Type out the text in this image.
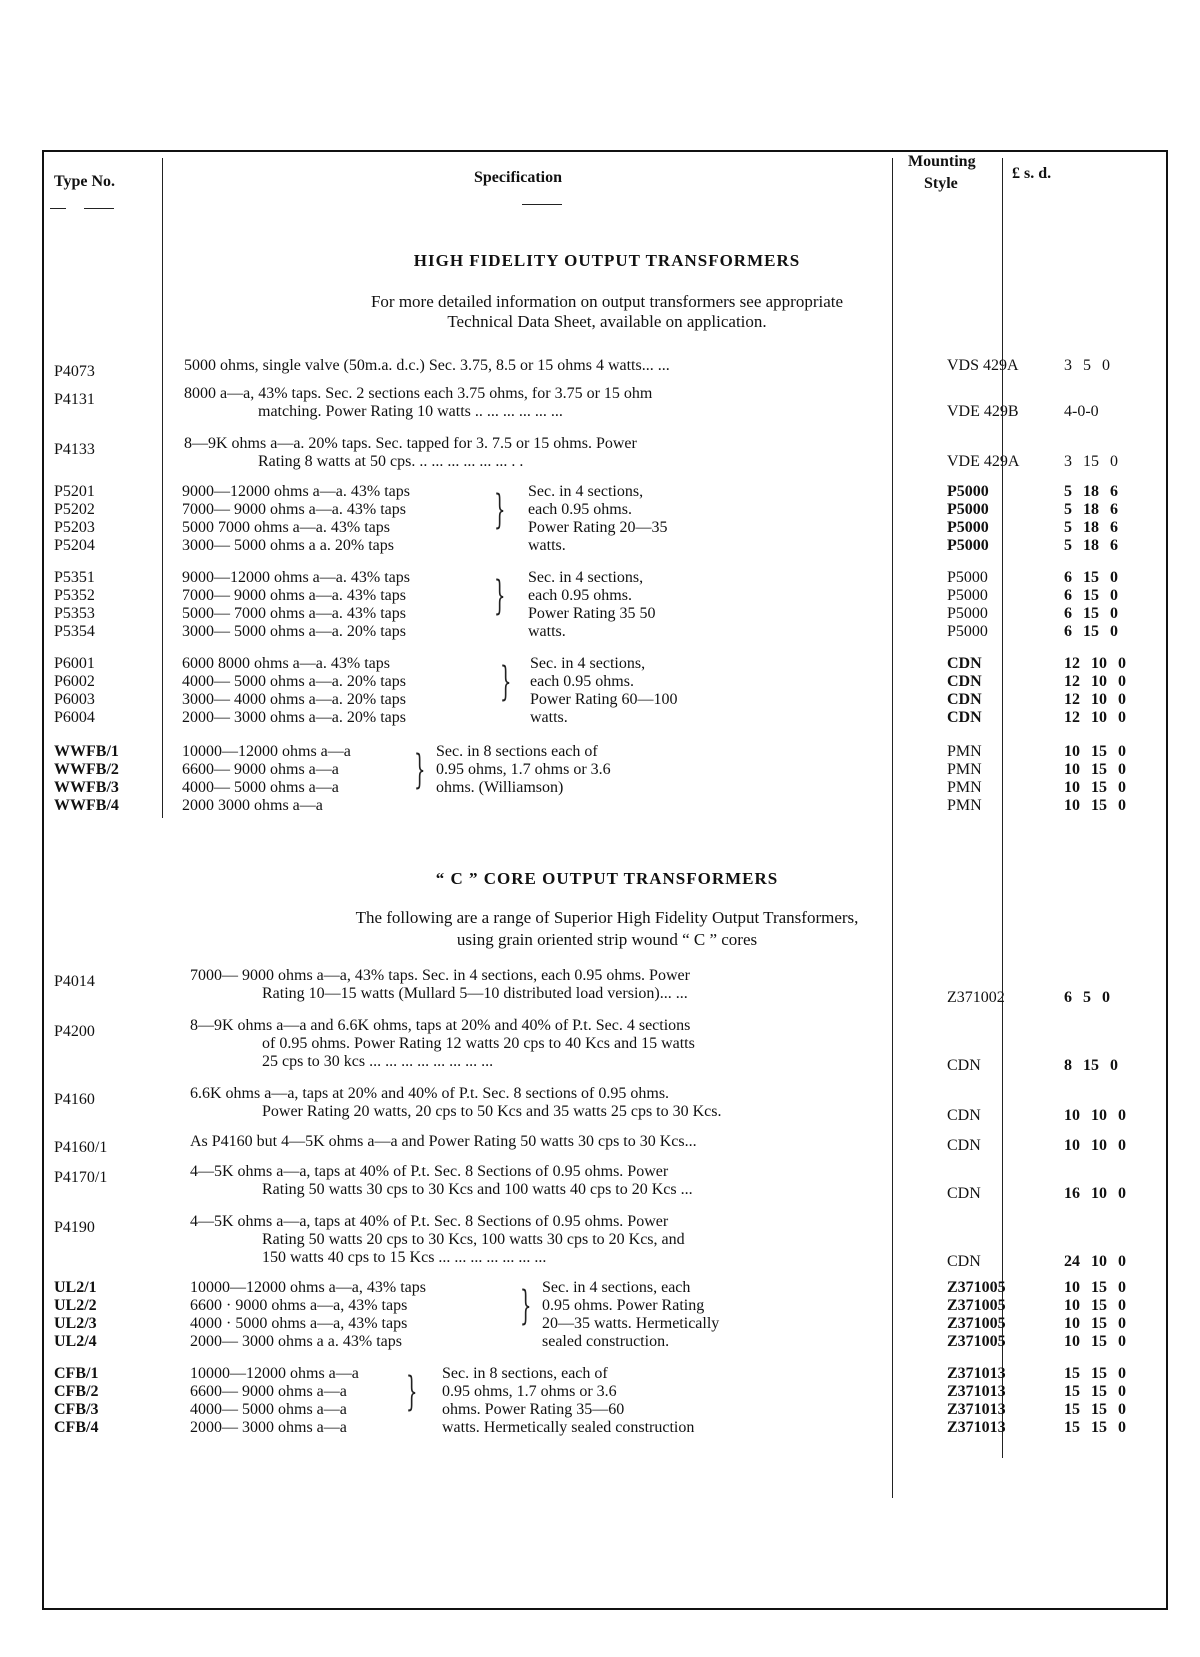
Type No.	Specification
Mounting
Style
£ s. d.
HIGH FIDELITY OUTPUT TRANSFORMERS
For more detailed information on output transformers see appropriate
Technical Data Sheet, available on application.
P4073	5000 ohms, single valve (50m.a. d.c.) Sec. 3.75, 8.5 or 15 ohms 4 watts... ...	VDS 429A	3 5 0
P4131	8000 a—a, 43% taps. Sec. 2 sections each 3.75 ohms, for 3.75 or 15 ohm
matching. Power Rating 10 watts .. ... ... ... ... ...	VDE 429B	4-0-0
P4133	8—9K ohms a—a. 20% taps. Sec. tapped for 3. 7.5 or 15 ohms. Power
Rating 8 watts at 50 cps. .. ... ... ... ... ... . .	VDE 429A	3 15 0
P5201	9000—12000 ohms a—a. 43% taps	P5000	5 18 6
P5202	7000— 9000 ohms a—a. 43% taps	P5000	5 18 6
P5203	5000 7000 ohms a—a. 43% taps	P5000	5 18 6
P5204	3000— 5000 ohms a a. 20% taps	P5000	5 18 6
Sec. in 4 sections,
each 0.95 ohms.
Power Rating 20—35
watts.
}
P5351	9000—12000 ohms a—a. 43% taps	P5000	6 15 0
P5352	7000— 9000 ohms a—a. 43% taps	P5000	6 15 0
P5353	5000— 7000 ohms a—a. 43% taps	P5000	6 15 0
P5354	3000— 5000 ohms a—a. 20% taps	P5000	6 15 0
Sec. in 4 sections,
each 0.95 ohms.
Power Rating 35 50
watts.
}
P6001	6000 8000 ohms a—a. 43% taps	CDN	12 10 0
P6002	4000— 5000 ohms a—a. 20% taps	CDN	12 10 0
P6003	3000— 4000 ohms a—a. 20% taps	CDN	12 10 0
P6004	2000— 3000 ohms a—a. 20% taps	CDN	12 10 0
Sec. in 4 sections,
each 0.95 ohms.
Power Rating 60—100
watts.
}
WWFB/1	10000—12000 ohms a—a	PMN	10 15 0
WWFB/2	6600— 9000 ohms a—a	PMN	10 15 0
WWFB/3	4000— 5000 ohms a—a	PMN	10 15 0
WWFB/4	2000 3000 ohms a—a	PMN	10 15 0
Sec. in 8 sections each of
0.95 ohms, 1.7 ohms or 3.6
ohms. (Williamson)
}
“ C ” CORE OUTPUT TRANSFORMERS
The following are a range of Superior High Fidelity Output Transformers,
using grain oriented strip wound “ C ” cores
P4014	7000— 9000 ohms a—a, 43% taps. Sec. in 4 sections, each 0.95 ohms. Power
Rating 10—15 watts (Mullard 5—10 distributed load version)... ...	Z371002	6 5 0
P4200	8—9K ohms a—a and 6.6K ohms, taps at 20% and 40% of P.t. Sec. 4 sections
of 0.95 ohms. Power Rating 12 watts 20 cps to 40 Kcs and 15 watts
25 cps to 30 kcs ... ... ... ... ... ... ... ...	CDN	8 15 0
P4160	6.6K ohms a—a, taps at 20% and 40% of P.t. Sec. 8 sections of 0.95 ohms.
Power Rating 20 watts, 20 cps to 50 Kcs and 35 watts 25 cps to 30 Kcs.	CDN	10 10 0
P4160/1	As P4160 but 4—5K ohms a—a and Power Rating 50 watts 30 cps to 30 Kcs...	CDN	10 10 0
P4170/1	4—5K ohms a—a, taps at 40% of P.t. Sec. 8 Sections of 0.95 ohms. Power
Rating 50 watts 30 cps to 30 Kcs and 100 watts 40 cps to 20 Kcs ...	CDN	16 10 0
P4190	4—5K ohms a—a, taps at 40% of P.t. Sec. 8 Sections of 0.95 ohms. Power
Rating 50 watts 20 cps to 30 Kcs, 100 watts 30 cps to 20 Kcs, and
150 watts 40 cps to 15 Kcs ... ... ... ... ... ... ...	CDN	24 10 0
UL2/1	10000—12000 ohms a—a, 43% taps	Z371005	10 15 0
UL2/2	6600 · 9000 ohms a—a, 43% taps	Z371005	10 15 0
UL2/3	4000 · 5000 ohms a—a, 43% taps	Z371005	10 15 0
UL2/4	2000— 3000 ohms a a. 43% taps	Z371005	10 15 0
Sec. in 4 sections, each
0.95 ohms. Power Rating
20—35 watts. Hermetically
sealed construction.
}
CFB/1	10000—12000 ohms a—a	Z371013	15 15 0
CFB/2	6600— 9000 ohms a—a	Z371013	15 15 0
CFB/3	4000— 5000 ohms a—a	Z371013	15 15 0
CFB/4	2000— 3000 ohms a—a	Z371013	15 15 0
Sec. in 8 sections, each of
0.95 ohms, 1.7 ohms or 3.6
ohms. Power Rating 35—60
watts. Hermetically sealed construction
}
